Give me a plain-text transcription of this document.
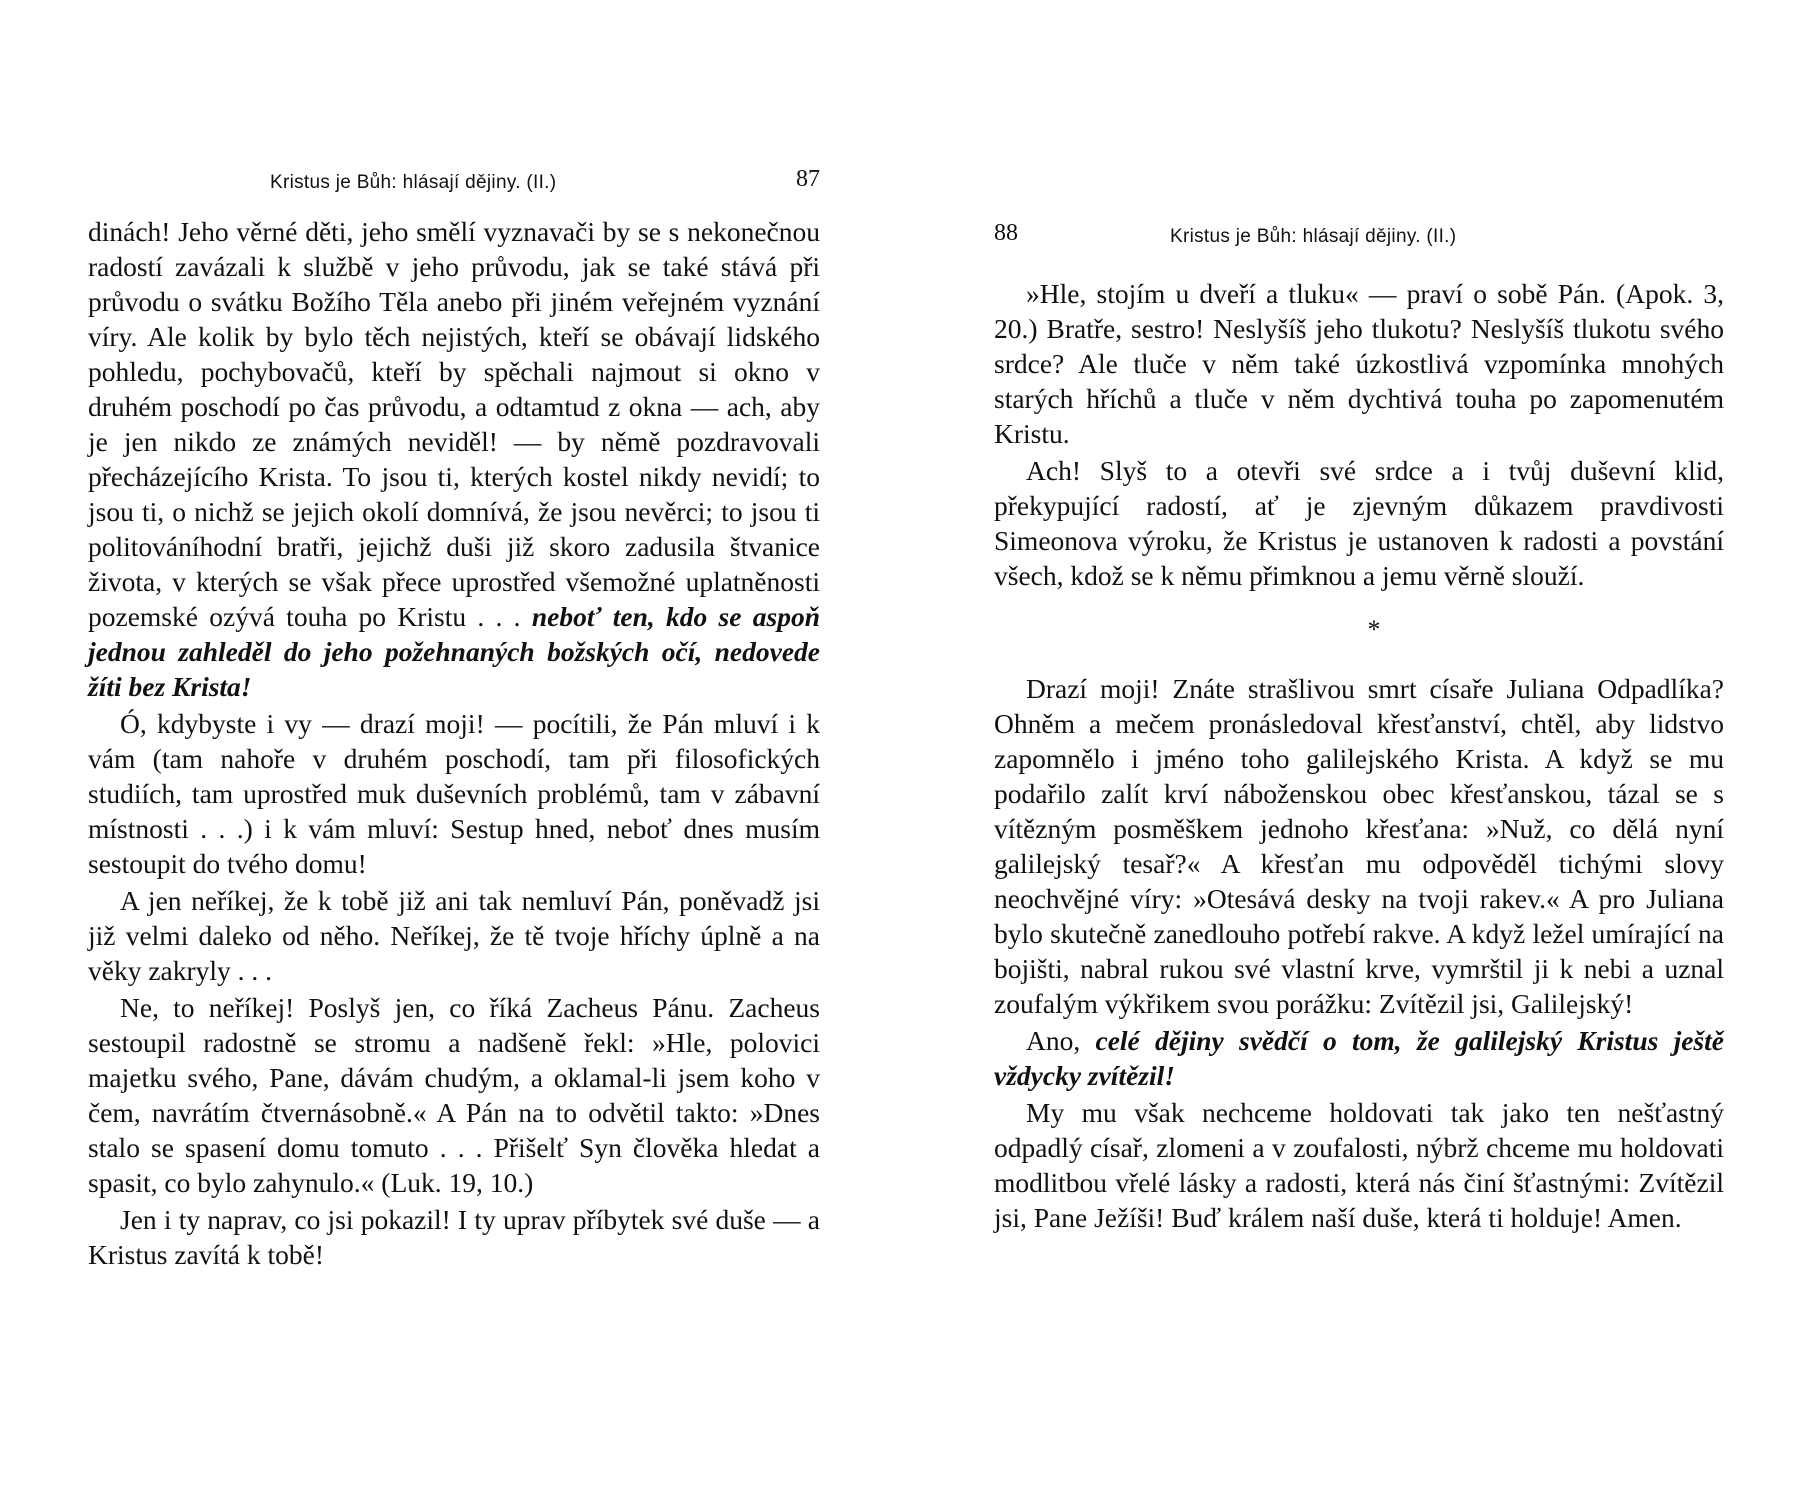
Kristus je Bůh: hlásají dějiny. (II.)	87

dinách! Jeho věrné děti, jeho smělí vyznavači by se s nekonečnou radostí zavázali k službě v jeho průvodu, jak se také stává při průvodu o svátku Božího Těla anebo při jiném veřejném vyznání víry. Ale kolik by bylo těch nejistých, kteří se obávají lidského pohledu, pochybovačů, kteří by spěchali najmout si okno v druhém poschodí po čas průvodu, a odtamtud z okna — ach, aby je jen nikdo ze známých neviděl! — by němě pozdravovali přecházejícího Krista. To jsou ti, kterých kostel nikdy nevidí; to jsou ti, o nichž se jejich okolí domnívá, že jsou nevěrci; to jsou ti politováníhodní bratři, jejichž duši již skoro zadusila štvanice života, v kterých se však přece uprostřed všemožné uplatněnosti pozemské ozývá touha po Kristu . . . neboť ten, kdo se aspoň jednou zahleděl do jeho požehnaných božských očí, nedovede žíti bez Krista!

Ó, kdybyste i vy — drazí moji! — pocítili, že Pán mluví i k vám (tam nahoře v druhém poschodí, tam při filosofických studiích, tam uprostřed muk duševních problémů, tam v zábavní místnosti . . .) i k vám mluví: Sestup hned, neboť dnes musím sestoupit do tvého domu!

A jen neříkej, že k tobě již ani tak nemluví Pán, poněvadž jsi již velmi daleko od něho. Neříkej, že tě tvoje hříchy úplně a na věky zakryly . . .

Ne, to neříkej! Poslyš jen, co říká Zacheus Pánu. Zacheus sestoupil radostně se stromu a nadšeně řekl: »Hle, polovici majetku svého, Pane, dávám chudým, a oklamal-li jsem koho v čem, navrátím čtvernásobně.« A Pán na to odvětil takto: »Dnes stalo se spasení domu tomuto . . . Přišelť Syn člověka hledat a spasit, co bylo zahynulo.« (Luk. 19, 10.)

Jen i ty naprav, co jsi pokazil! I ty uprav příbytek své duše — a Kristus zavítá k tobě!

88	Kristus je Bůh: hlásají dějiny. (II.)

»Hle, stojím u dveří a tluku« — praví o sobě Pán. (Apok. 3, 20.) Bratře, sestro! Neslyšíš jeho tlukotu? Neslyšíš tlukotu svého srdce? Ale tluče v něm také úzkostlivá vzpomínka mnohých starých hříchů a tluče v něm dychtivá touha po zapomenutém Kristu.

Ach! Slyš to a otevři své srdce a i tvůj duševní klid, překypující radostí, ať je zjevným důkazem pravdivosti Simeonova výroku, že Kristus je ustanoven k radosti a povstání všech, kdož se k němu přimknou a jemu věrně slouží.

*

Drazí moji! Znáte strašlivou smrt císaře Juliana Odpadlíka? Ohněm a mečem pronásledoval křesťanství, chtěl, aby lidstvo zapomnělo i jméno toho galilejského Krista. A když se mu podařilo zalít krví náboženskou obec křesťanskou, tázal se s vítězným posměškem jednoho křesťana: »Nuž, co dělá nyní galilejský tesař?« A křesťan mu odpověděl tichými slovy neochvějné víry: »Otesává desky na tvoji rakev.« A pro Juliana bylo skutečně zanedlouho potřebí rakve. A když ležel umírající na bojišti, nabral rukou své vlastní krve, vymrštil ji k nebi a uznal zoufalým výkřikem svou porážku: Zvítězil jsi, Galilejský!

Ano, celé dějiny svědčí o tom, že galilejský Kristus ještě vždycky zvítězil!

My mu však nechceme holdovati tak jako ten nešťastný odpadlý císař, zlomeni a v zoufalosti, nýbrž chceme mu holdovati modlitbou vřelé lásky a radosti, která nás činí šťastnými: Zvítězil jsi, Pane Ježíši! Buď králem naší duše, která ti holduje! Amen.
